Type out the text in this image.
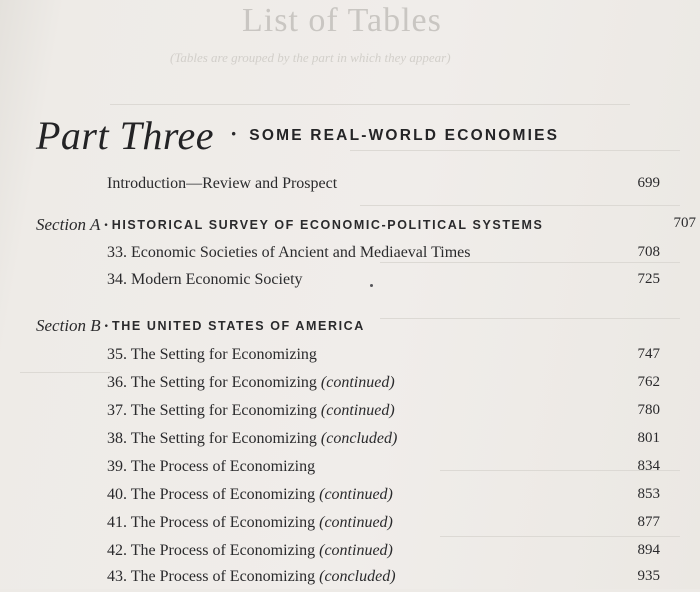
List of Tables
(Tables are grouped by the part in which they appear)
Part Three · SOME REAL-WORLD ECONOMIES
Introduction—Review and Prospect	699
Section A · HISTORICAL SURVEY OF ECONOMIC-POLITICAL SYSTEMS	707
33. Economic Societies of Ancient and Mediaeval Times	708
34. Modern Economic Society	725
Section B · THE UNITED STATES OF AMERICA
35. The Setting for Economizing	747
36. The Setting for Economizing (continued)	762
37. The Setting for Economizing (continued)	780
38. The Setting for Economizing (concluded)	801
39. The Process of Economizing	834
40. The Process of Economizing (continued)	853
41. The Process of Economizing (continued)	877
42. The Process of Economizing (continued)	894
43. The Process of Economizing (concluded)	935
